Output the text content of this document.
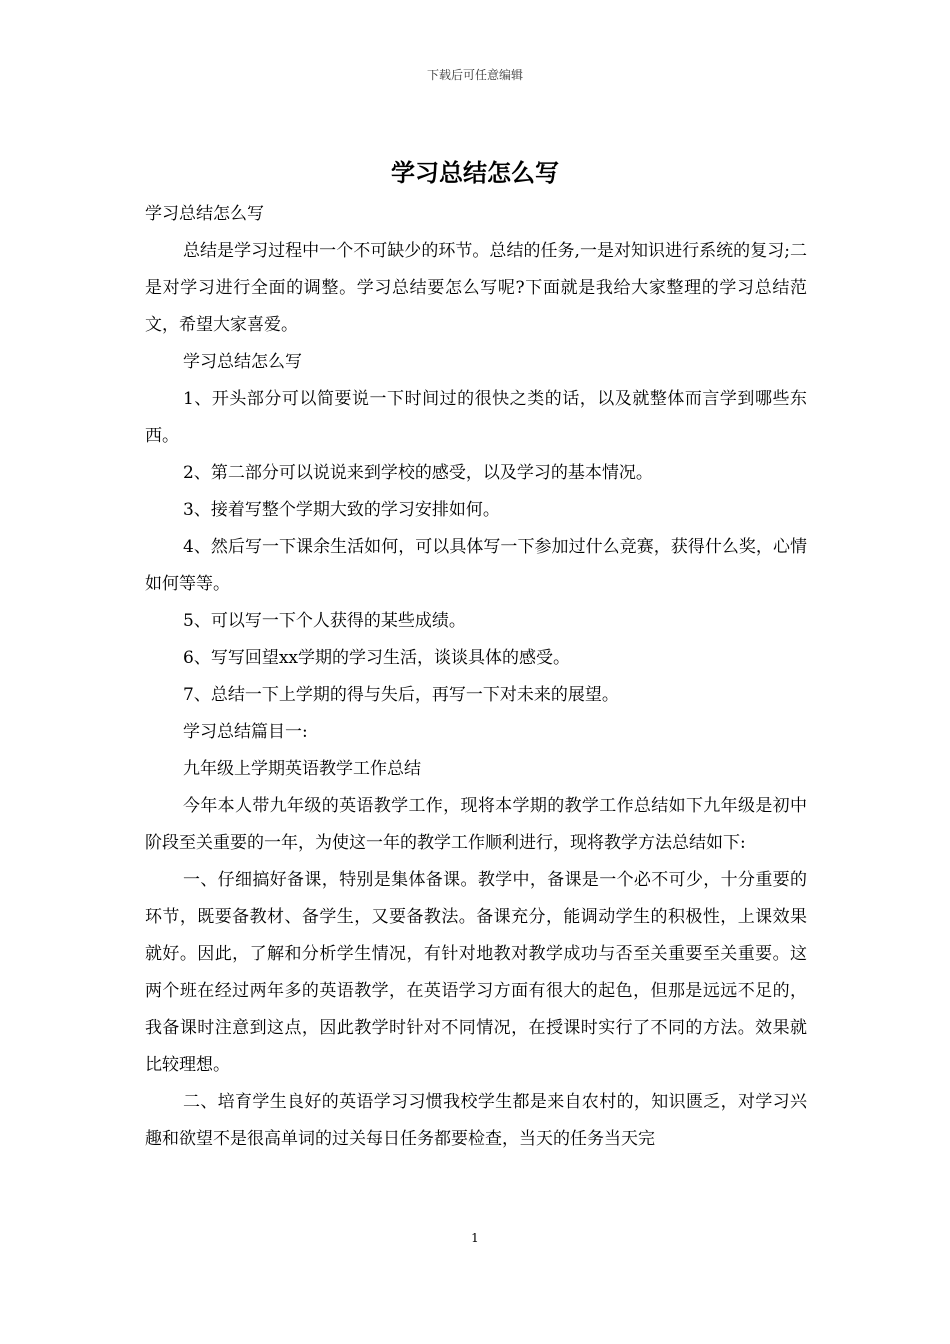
下载后可任意编辑
学习总结怎么写

学习总结怎么写

总结是学习过程中一个不可缺少的环节。总结的任务,一是对知识进行系统的复习;二是对学习进行全面的调整。学习总结要怎么写呢?下面就是我给大家整理的学习总结范文，希望大家喜爱。

学习总结怎么写

1、开头部分可以简要说一下时间过的很快之类的话，以及就整体而言学到哪些东西。

2、第二部分可以说说来到学校的感受，以及学习的基本情况。

3、接着写整个学期大致的学习安排如何。

4、然后写一下课余生活如何，可以具体写一下参加过什么竞赛，获得什么奖，心情如何等等。

5、可以写一下个人获得的某些成绩。

6、写写回望xx学期的学习生活，谈谈具体的感受。

7、总结一下上学期的得与失后，再写一下对未来的展望。

学习总结篇目一:

九年级上学期英语教学工作总结

今年本人带九年级的英语教学工作，现将本学期的教学工作总结如下九年级是初中阶段至关重要的一年，为使这一年的教学工作顺利进行，现将教学方法总结如下:

一、仔细搞好备课，特别是集体备课。教学中，备课是一个必不可少，十分重要的环节，既要备教材、备学生，又要备教法。备课充分，能调动学生的积极性，上课效果就好。因此，了解和分析学生情况，有针对地教对教学成功与否至关重要至关重要。这两个班在经过两年多的英语教学，在英语学习方面有很大的起色，但那是远远不足的，我备课时注意到这点，因此教学时针对不同情况，在授课时实行了不同的方法。效果就比较理想。

二、培育学生良好的英语学习习惯我校学生都是来自农村的，知识匮乏，对学习兴趣和欲望不是很高单词的过关每日任务都要检查，当天的任务当天完

1
